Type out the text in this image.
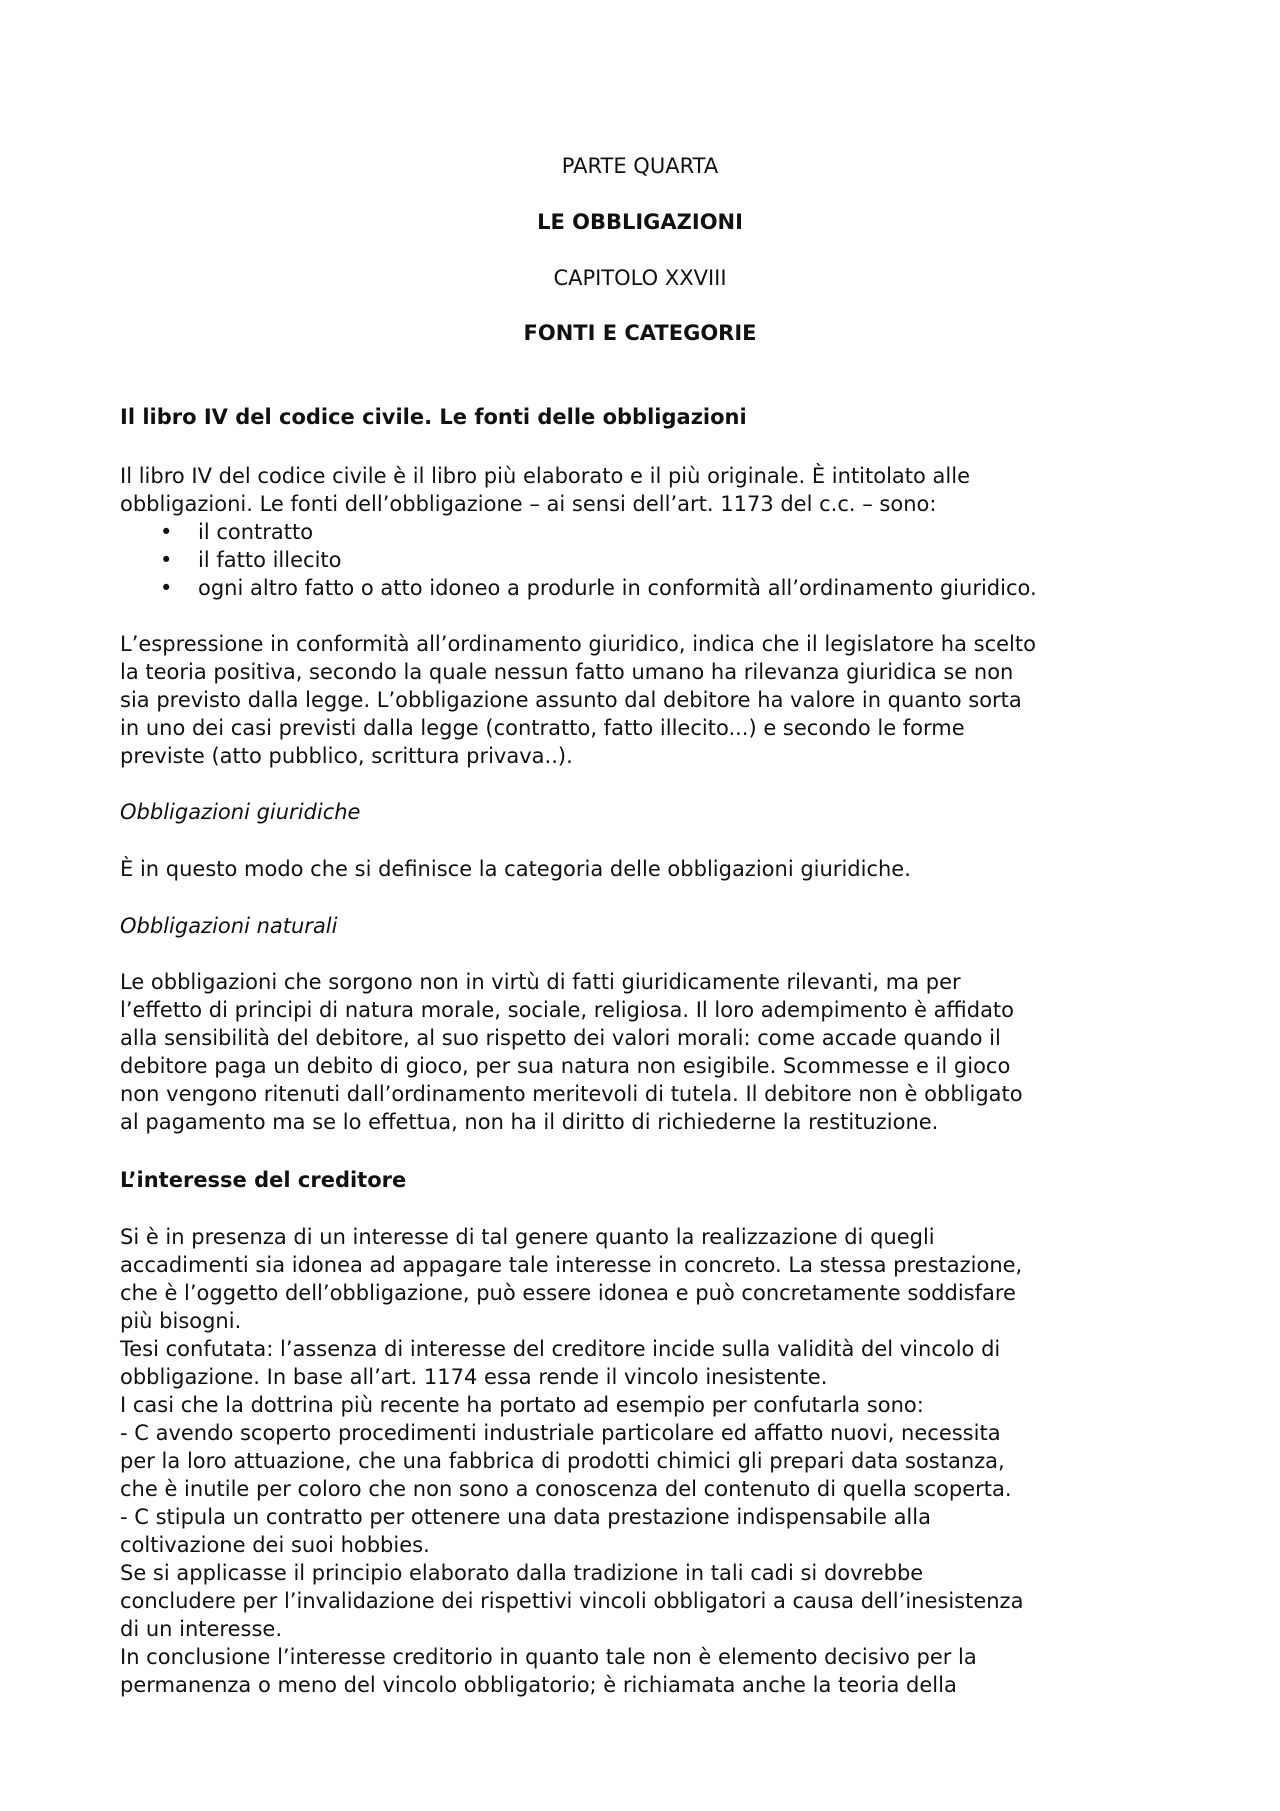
PARTE QUARTA
LE OBBLIGAZIONI
CAPITOLO XXVIII
FONTI E CATEGORIE

Il libro IV del codice civile. Le fonti delle obbligazioni

Il libro IV del codice civile è il libro più elaborato e il più originale. È intitolato alle

obbligazioni. Le fonti dell’obbligazione – ai sensi dell’art. 1173 del c.c. – sono:

• il contratto
• il fatto illecito
• ogni altro fatto o atto idoneo a produrle in conformità all’ordinamento giuridico.

L’espressione in conformità all’ordinamento giuridico, indica che il legislatore ha scelto

la teoria positiva, secondo la quale nessun fatto umano ha rilevanza giuridica se non

sia previsto dalla legge. L’obbligazione assunto dal debitore ha valore in quanto sorta

in uno dei casi previsti dalla legge (contratto, fatto illecito...) e secondo le forme

previste (atto pubblico, scrittura privava..).

Obbligazioni giuridiche

È in questo modo che si definisce la categoria delle obbligazioni giuridiche.

Obbligazioni naturali

Le obbligazioni che sorgono non in virtù di fatti giuridicamente rilevanti, ma per

l’effetto di principi di natura morale, sociale, religiosa. Il loro adempimento è affidato

alla sensibilità del debitore, al suo rispetto dei valori morali: come accade quando il

debitore paga un debito di gioco, per sua natura non esigibile. Scommesse e il gioco

non vengono ritenuti dall’ordinamento meritevoli di tutela. Il debitore non è obbligato

al pagamento ma se lo effettua, non ha il diritto di richiederne la restituzione.

L’interesse del creditore

Si è in presenza di un interesse di tal genere quanto la realizzazione di quegli

accadimenti sia idonea ad appagare tale interesse in concreto. La stessa prestazione,

che è l’oggetto dell’obbligazione, può essere idonea e può concretamente soddisfare

più bisogni.

Tesi confutata: l’assenza di interesse del creditore incide sulla validità del vincolo di

obbligazione. In base all’art. 1174 essa rende il vincolo inesistente.

I casi che la dottrina più recente ha portato ad esempio per confutarla sono:

- C avendo scoperto procedimenti industriale particolare ed affatto nuovi, necessita

per la loro attuazione, che una fabbrica di prodotti chimici gli prepari data sostanza,

che è inutile per coloro che non sono a conoscenza del contenuto di quella scoperta.

- C stipula un contratto per ottenere una data prestazione indispensabile alla

coltivazione dei suoi hobbies.

Se si applicasse il principio elaborato dalla tradizione in tali cadi si dovrebbe

concludere per l’invalidazione dei rispettivi vincoli obbligatori a causa dell’inesistenza

di un interesse.

In conclusione l’interesse creditorio in quanto tale non è elemento decisivo per la

permanenza o meno del vincolo obbligatorio; è richiamata anche la teoria della
